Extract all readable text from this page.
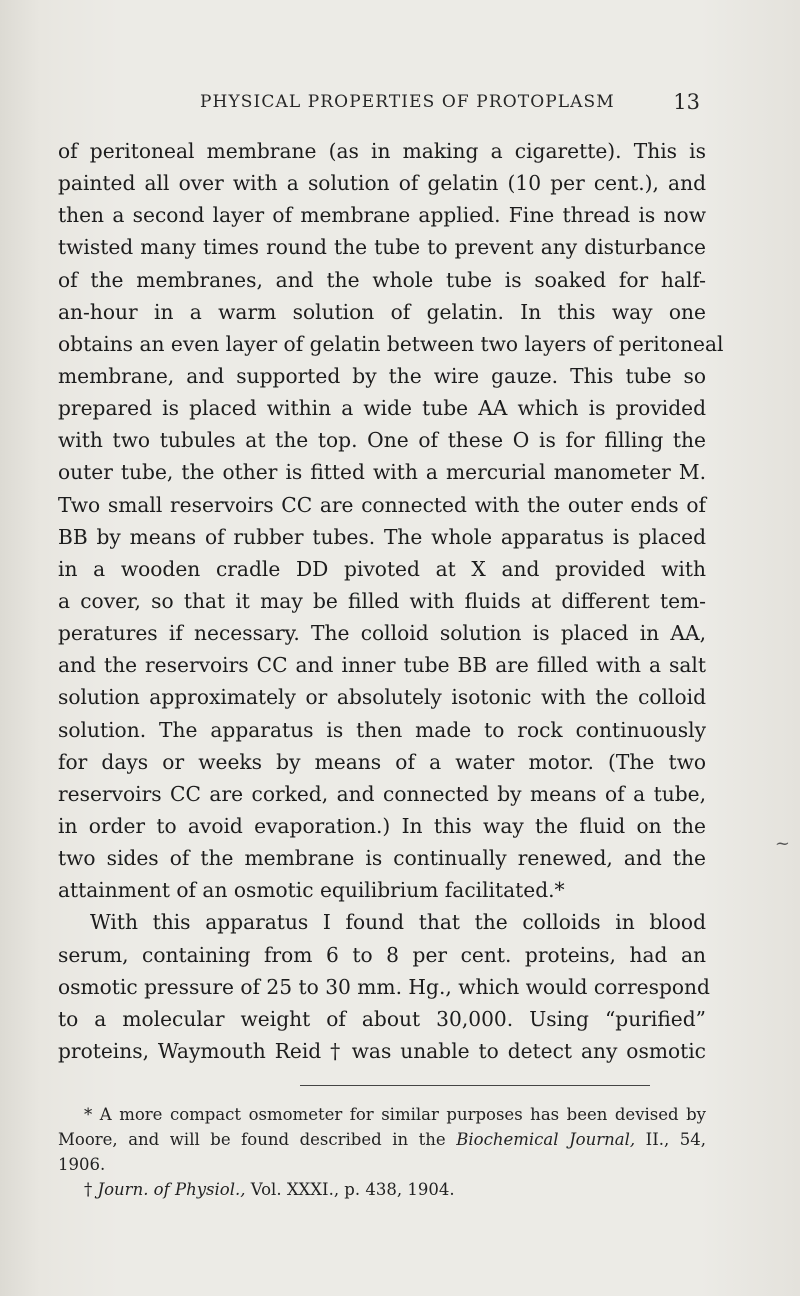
PHYSICAL PROPERTIES OF PROTOPLASM	13
of peritoneal membrane (as in making a cigarette). This is
painted all over with a solution of gelatin (10 per cent.), and
then a second layer of membrane applied. Fine thread is now
twisted many times round the tube to prevent any disturbance
of the membranes, and the whole tube is soaked for half-
an-hour in a warm solution of gelatin. In this way one
obtains an even layer of gelatin between two layers of peritoneal
membrane, and supported by the wire gauze. This tube so
prepared is placed within a wide tube AA which is provided
with two tubules at the top. One of these O is for filling the
outer tube, the other is fitted with a mercurial manometer M.
Two small reservoirs CC are connected with the outer ends of
BB by means of rubber tubes. The whole apparatus is placed
in a wooden cradle DD pivoted at X and provided with
a cover, so that it may be filled with fluids at different tem-
peratures if necessary. The colloid solution is placed in AA,
and the reservoirs CC and inner tube BB are filled with a salt
solution approximately or absolutely isotonic with the colloid
solution. The apparatus is then made to rock continuously
for days or weeks by means of a water motor. (The two
reservoirs CC are corked, and connected by means of a tube,
in order to avoid evaporation.) In this way the fluid on the
two sides of the membrane is continually renewed, and the
attainment of an osmotic equilibrium facilitated.*
With this apparatus I found that the colloids in blood
serum, containing from 6 to 8 per cent. proteins, had an
osmotic pressure of 25 to 30 mm. Hg., which would correspond
to a molecular weight of about 30,000. Using “purified”
proteins, Waymouth Reid † was unable to detect any osmotic
* A more compact osmometer for similar purposes has been devised by
Moore, and will be found described in the Biochemical Journal, II., 54,
1906.
† Journ. of Physiol., Vol. XXXI., p. 438, 1904.
~
